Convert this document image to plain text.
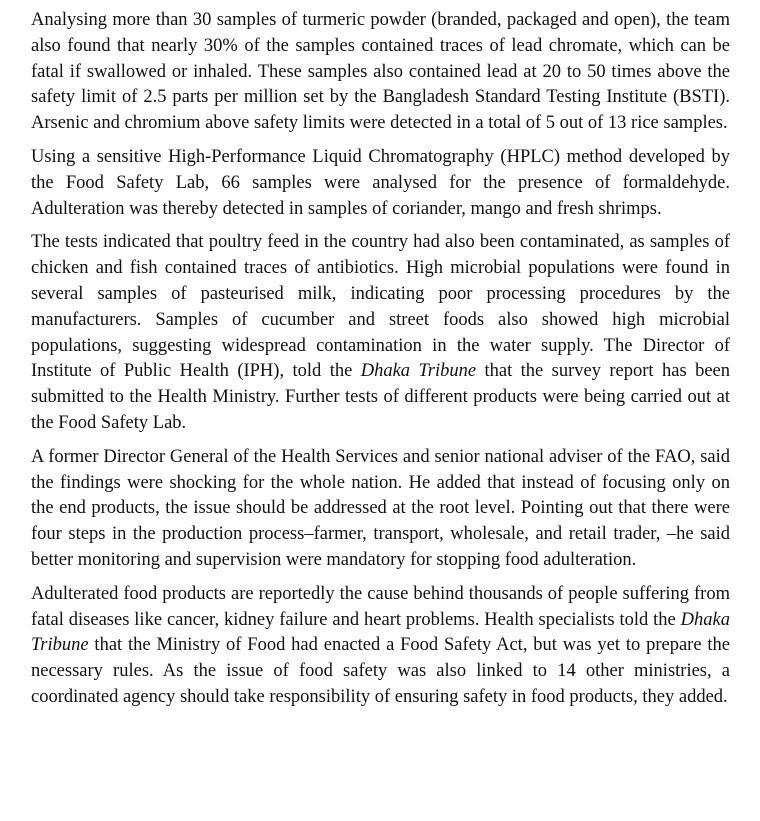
Analysing more than 30 samples of turmeric powder (branded, packaged and open), the team also found that nearly 30% of the samples contained traces of lead chromate, which can be fatal if swallowed or inhaled. These samples also contained lead at 20 to 50 times above the safety limit of 2.5 parts per million set by the Bangladesh Standard Testing Institute (BSTI). Arsenic and chromium above safety limits were detected in a total of 5 out of 13 rice samples.

Using a sensitive High-Performance Liquid Chromatography (HPLC) method developed by the Food Safety Lab, 66 samples were analysed for the presence of formaldehyde. Adulteration was thereby detected in samples of coriander, mango and fresh shrimps.

The tests indicated that poultry feed in the country had also been contaminated, as samples of chicken and fish contained traces of antibiotics. High microbial populations were found in several samples of pasteurised milk, indicating poor processing procedures by the manufacturers. Samples of cucumber and street foods also showed high microbial populations, suggesting widespread contamination in the water supply. The Director of Institute of Public Health (IPH), told the Dhaka Tribune that the survey report has been submitted to the Health Ministry. Further tests of different products were being carried out at the Food Safety Lab.

A former Director General of the Health Services and senior national adviser of the FAO, said the findings were shocking for the whole nation. He added that instead of focusing only on the end products, the issue should be addressed at the root level. Pointing out that there were four steps in the production process–farmer, transport, wholesale, and retail trader, –he said better monitoring and supervision were mandatory for stopping food adulteration.

Adulterated food products are reportedly the cause behind thousands of people suffering from fatal diseases like cancer, kidney failure and heart problems. Health specialists told the Dhaka Tribune that the Ministry of Food had enacted a Food Safety Act, but was yet to prepare the necessary rules. As the issue of food safety was also linked to 14 other ministries, a coordinated agency should take responsibility of ensuring safety in food products, they added.
